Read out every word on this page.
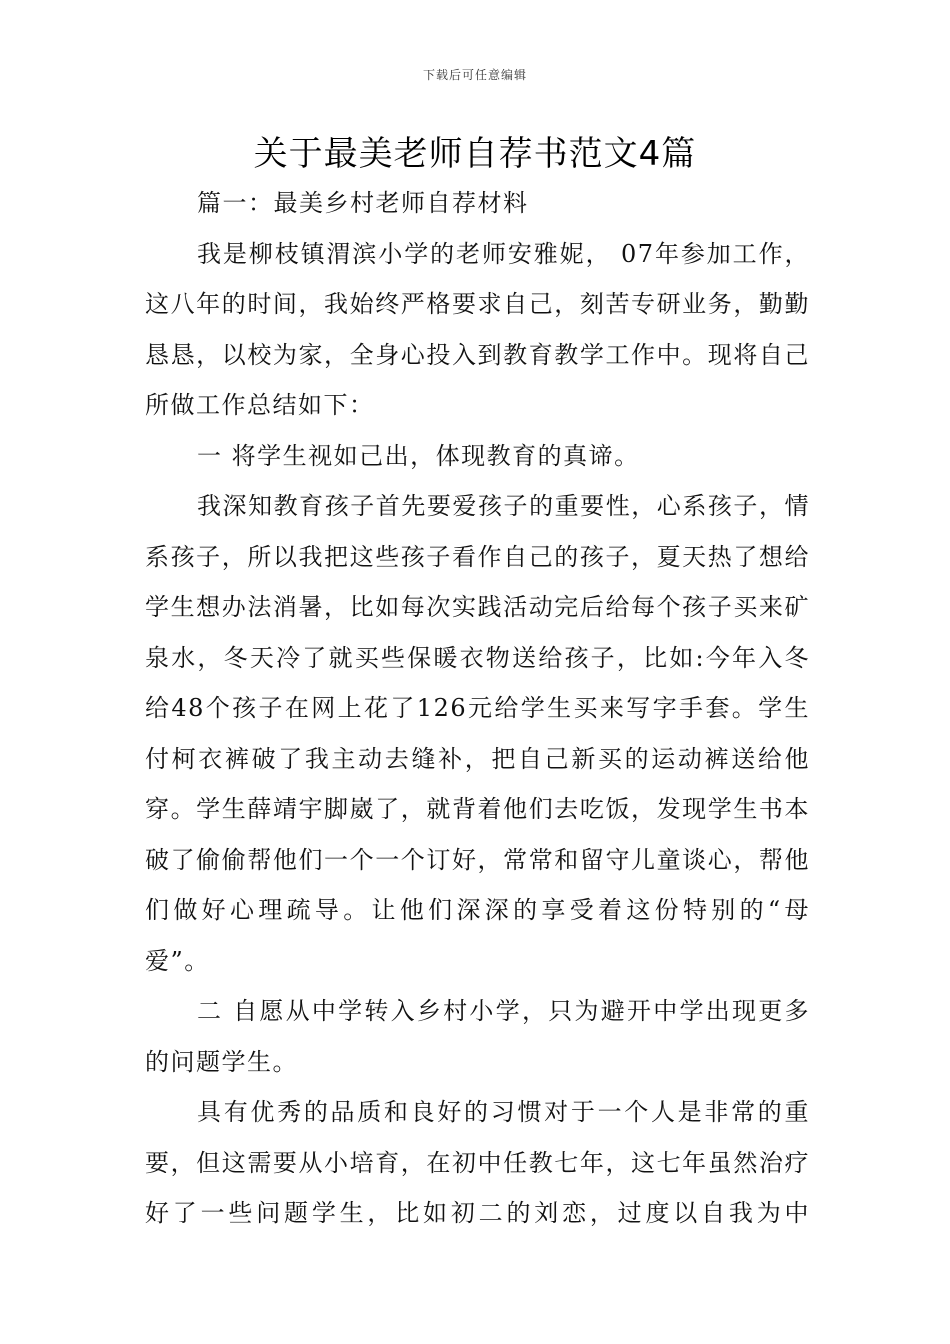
下载后可任意编辑
关于最美老师自荐书范文4篇

篇一：最美乡村老师自荐材料

我是柳枝镇渭滨小学的老师安雅妮， 07年参加工作，这八年的时间，我始终严格要求自己，刻苦专研业务，勤勤恳恳，以校为家，全身心投入到教育教学工作中。现将自己所做工作总结如下：

一 将学生视如己出，体现教育的真谛。

我深知教育孩子首先要爱孩子的重要性，心系孩子，情系孩子，所以我把这些孩子看作自己的孩子，夏天热了想给学生想办法消暑，比如每次实践活动完后给每个孩子买来矿泉水，冬天冷了就买些保暖衣物送给孩子，比如:今年入冬给48个孩子在网上花了126元给学生买来写字手套。学生付柯衣裤破了我主动去缝补，把自己新买的运动裤送给他穿。学生薛靖宇脚崴了，就背着他们去吃饭，发现学生书本破了偷偷帮他们一个一个订好，常常和留守儿童谈心，帮他们做好心理疏导。让他们深深的享受着这份特别的“母爱”。

二 自愿从中学转入乡村小学，只为避开中学出现更多的问题学生。

具有优秀的品质和良好的习惯对于一个人是非常的重要，但这需要从小培育，在初中任教七年，这七年虽然治疗好了一些问题学生，比如初二的刘恋，过度以自我为中
